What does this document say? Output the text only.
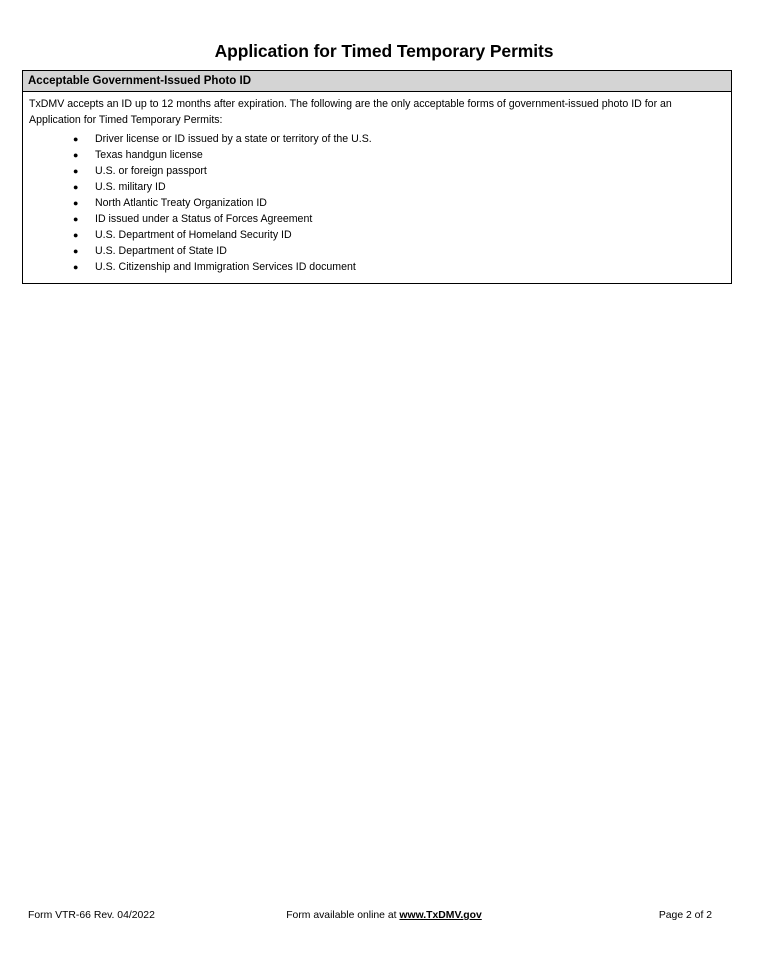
Application for Timed Temporary Permits
Acceptable Government-Issued Photo ID

TxDMV accepts an ID up to 12 months after expiration. The following are the only acceptable forms of government-issued photo ID for an Application for Timed Temporary Permits:

● Driver license or ID issued by a state or territory of the U.S.
● Texas handgun license
● U.S. or foreign passport
● U.S. military ID
● North Atlantic Treaty Organization ID
● ID issued under a Status of Forces Agreement
● U.S. Department of Homeland Security ID
● U.S. Department of State ID
● U.S. Citizenship and Immigration Services ID document
Form VTR-66 Rev. 04/2022	Form available online at www.TxDMV.gov	Page 2 of 2
